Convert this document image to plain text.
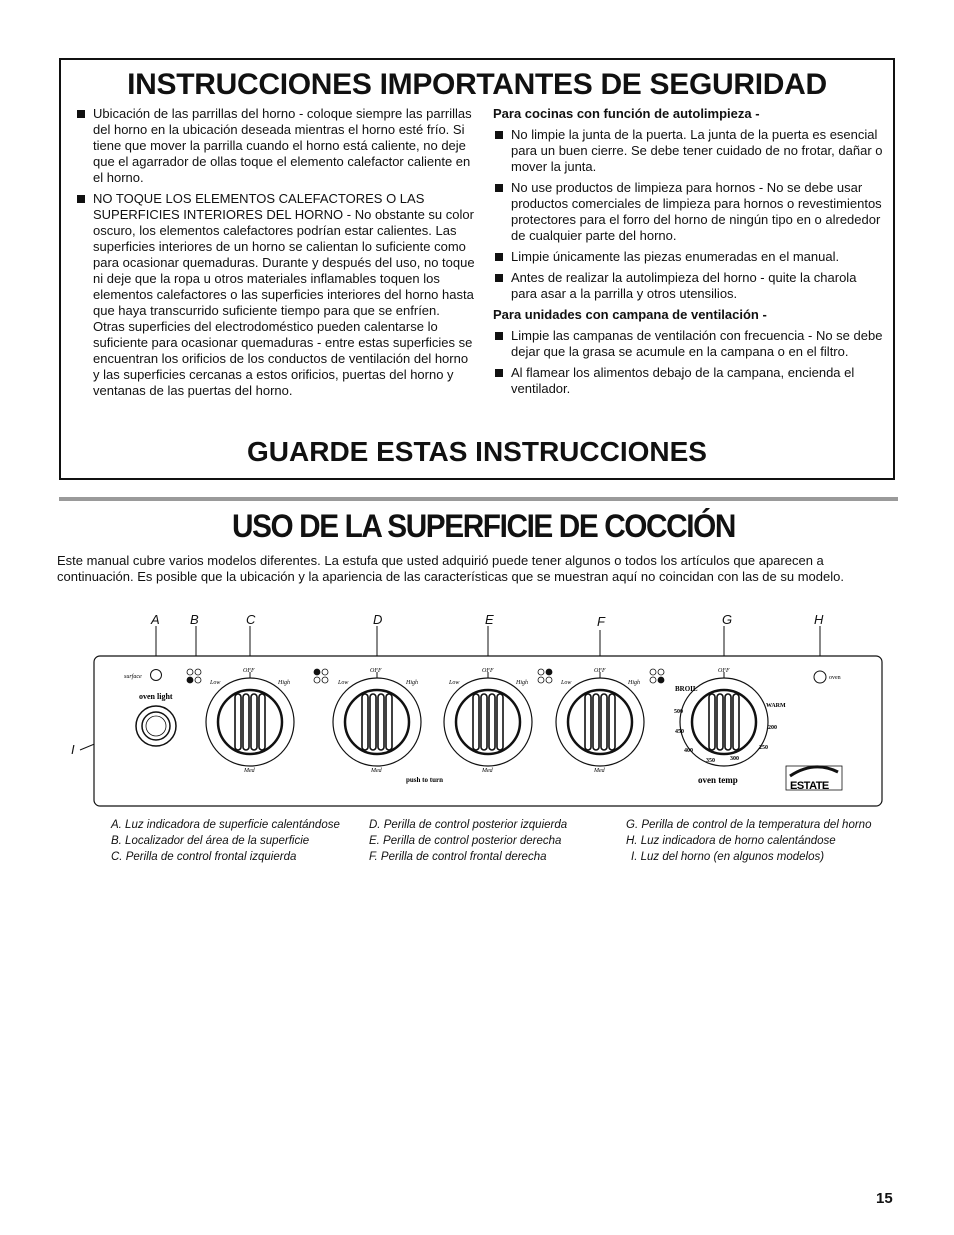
INSTRUCCIONES IMPORTANTES DE SEGURIDAD
Ubicación de las parrillas del horno - coloque siempre las parrillas del horno en la ubicación deseada mientras el horno esté frío. Si tiene que mover la parrilla cuando el horno está caliente, no deje que el agarrador de ollas toque el elemento calefactor caliente en el horno.
NO TOQUE LOS ELEMENTOS CALEFACTORES O LAS SUPERFICIES INTERIORES DEL HORNO - No obstante su color oscuro, los elementos calefactores podrían estar calientes. Las superficies interiores de un horno se calientan lo suficiente como para ocasionar quemaduras. Durante y después del uso, no toque ni deje que la ropa u otros materiales inflamables toquen los elementos calefactores o las superficies interiores del horno hasta que haya transcurrido suficiente tiempo para que se enfríen. Otras superficies del electrodoméstico pueden calentarse lo suficiente para ocasionar quemaduras - entre estas superficies se encuentran los orificios de los conductos de ventilación del horno y las superficies cercanas a estos orificios, puertas del horno y ventanas de las puertas del horno.
Para cocinas con función de autolimpieza -
No limpie la junta de la puerta. La junta de la puerta es esencial para un buen cierre. Se debe tener cuidado de no frotar, dañar o mover la junta.
No use productos de limpieza para hornos - No se debe usar productos comerciales de limpieza para hornos o revestimientos protectores para el forro del horno de ningún tipo en o alrededor de cualquier parte del horno.
Limpie únicamente las piezas enumeradas en el manual.
Antes de realizar la autolimpieza del horno - quite la charola para asar a la parrilla y otros utensilios.
Para unidades con campana de ventilación -
Limpie las campanas de ventilación con frecuencia - No se debe dejar que la grasa se acumule en la campana o en el filtro.
Al flamear los alimentos debajo de la campana, encienda el ventilador.
GUARDE ESTAS INSTRUCCIONES
USO DE LA SUPERFICIE DE COCCIÓN

Este manual cubre varios modelos diferentes. La estufa que usted adquirió puede tener algunos o todos los artículos que aparecen a continuación. Es posible que la ubicación y la apariencia de las características que se muestran aquí no coincidan con las de su modelo.

A B	C	D	E	F	G	H
I
surface
oven light
OFF
Low	High
Med
OFF
Low	High
Med
OFF
Low	High
Med
OFF
Low	High
Med
OFF
push to turn
BROIL
WARM
500
450
400
350	300
250
200
oven temp
oven
ESTATE
A. Luz indicadora de superficie calentándose
B. Localizador del área de la superficie
C. Perilla de control frontal izquierda
D. Perilla de control posterior izquierda
E. Perilla de control posterior derecha
F. Perilla de control frontal derecha
G. Perilla de control de la temperatura del horno
H. Luz indicadora de horno calentándose
I. Luz del horno (en algunos modelos)
15
